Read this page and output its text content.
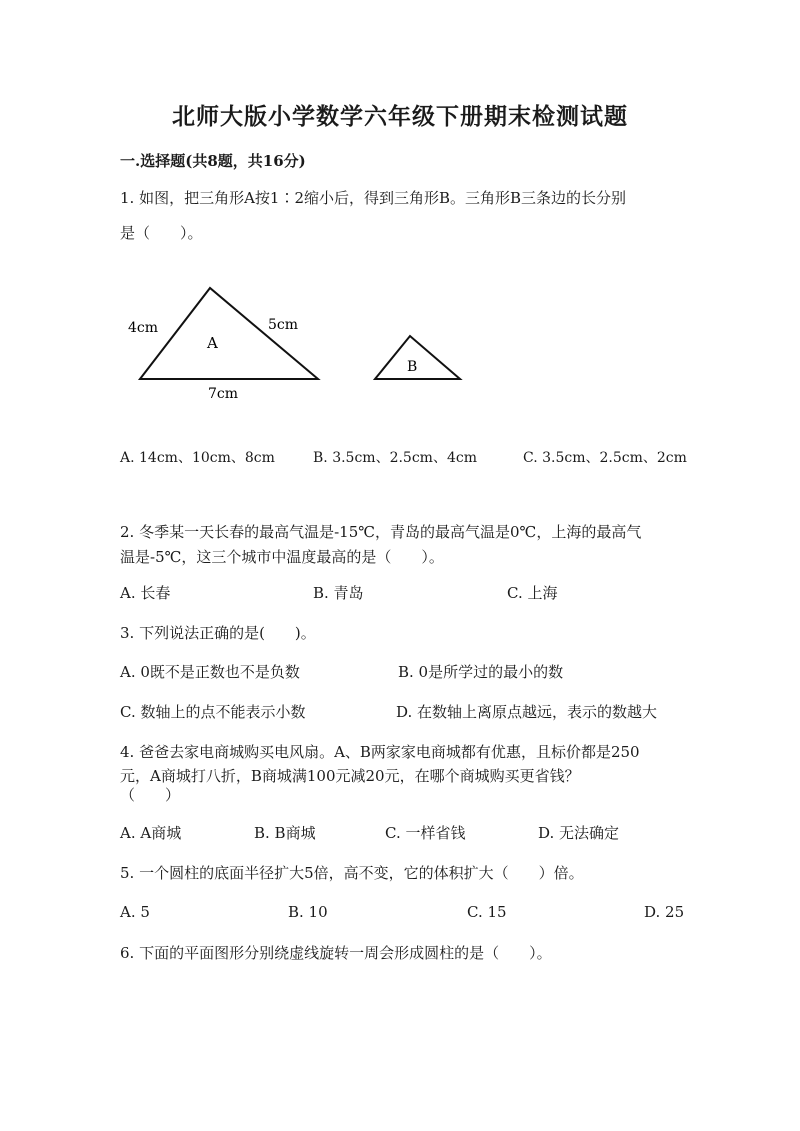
北师大版小学数学六年级下册期末检测试题
一.选择题(共8题，共16分)
1. 如图，把三角形A按1∶2缩小后，得到三角形B。三角形B三条边的长分别
是（　　）。
A
B
4cm	5cm
7cm
A. 14cm、10cm、8cm	B. 3.5cm、2.5cm、4cm	C. 3.5cm、2.5cm、2cm
2. 冬季某一天长春的最高气温是-15℃，青岛的最高气温是0℃，上海的最高气
温是-5℃，这三个城市中温度最高的是（　　）。
A. 长春	B. 青岛	C. 上海
3. 下列说法正确的是(　　)。
A. 0既不是正数也不是负数	B. 0是所学过的最小的数
C. 数轴上的点不能表示小数	D. 在数轴上离原点越远，表示的数越大
4. 爸爸去家电商城购买电风扇。A、B两家家电商城都有优惠，且标价都是250
元，A商城打八折，B商城满100元减20元，在哪个商城购买更省钱？
（　　）
A. A商城	B. B商城	C. 一样省钱	D. 无法确定
5. 一个圆柱的底面半径扩大5倍，高不变，它的体积扩大（　　）倍。
A. 5	B. 10	C. 15	D. 25
6. 下面的平面图形分别绕虚线旋转一周会形成圆柱的是（　　）。
